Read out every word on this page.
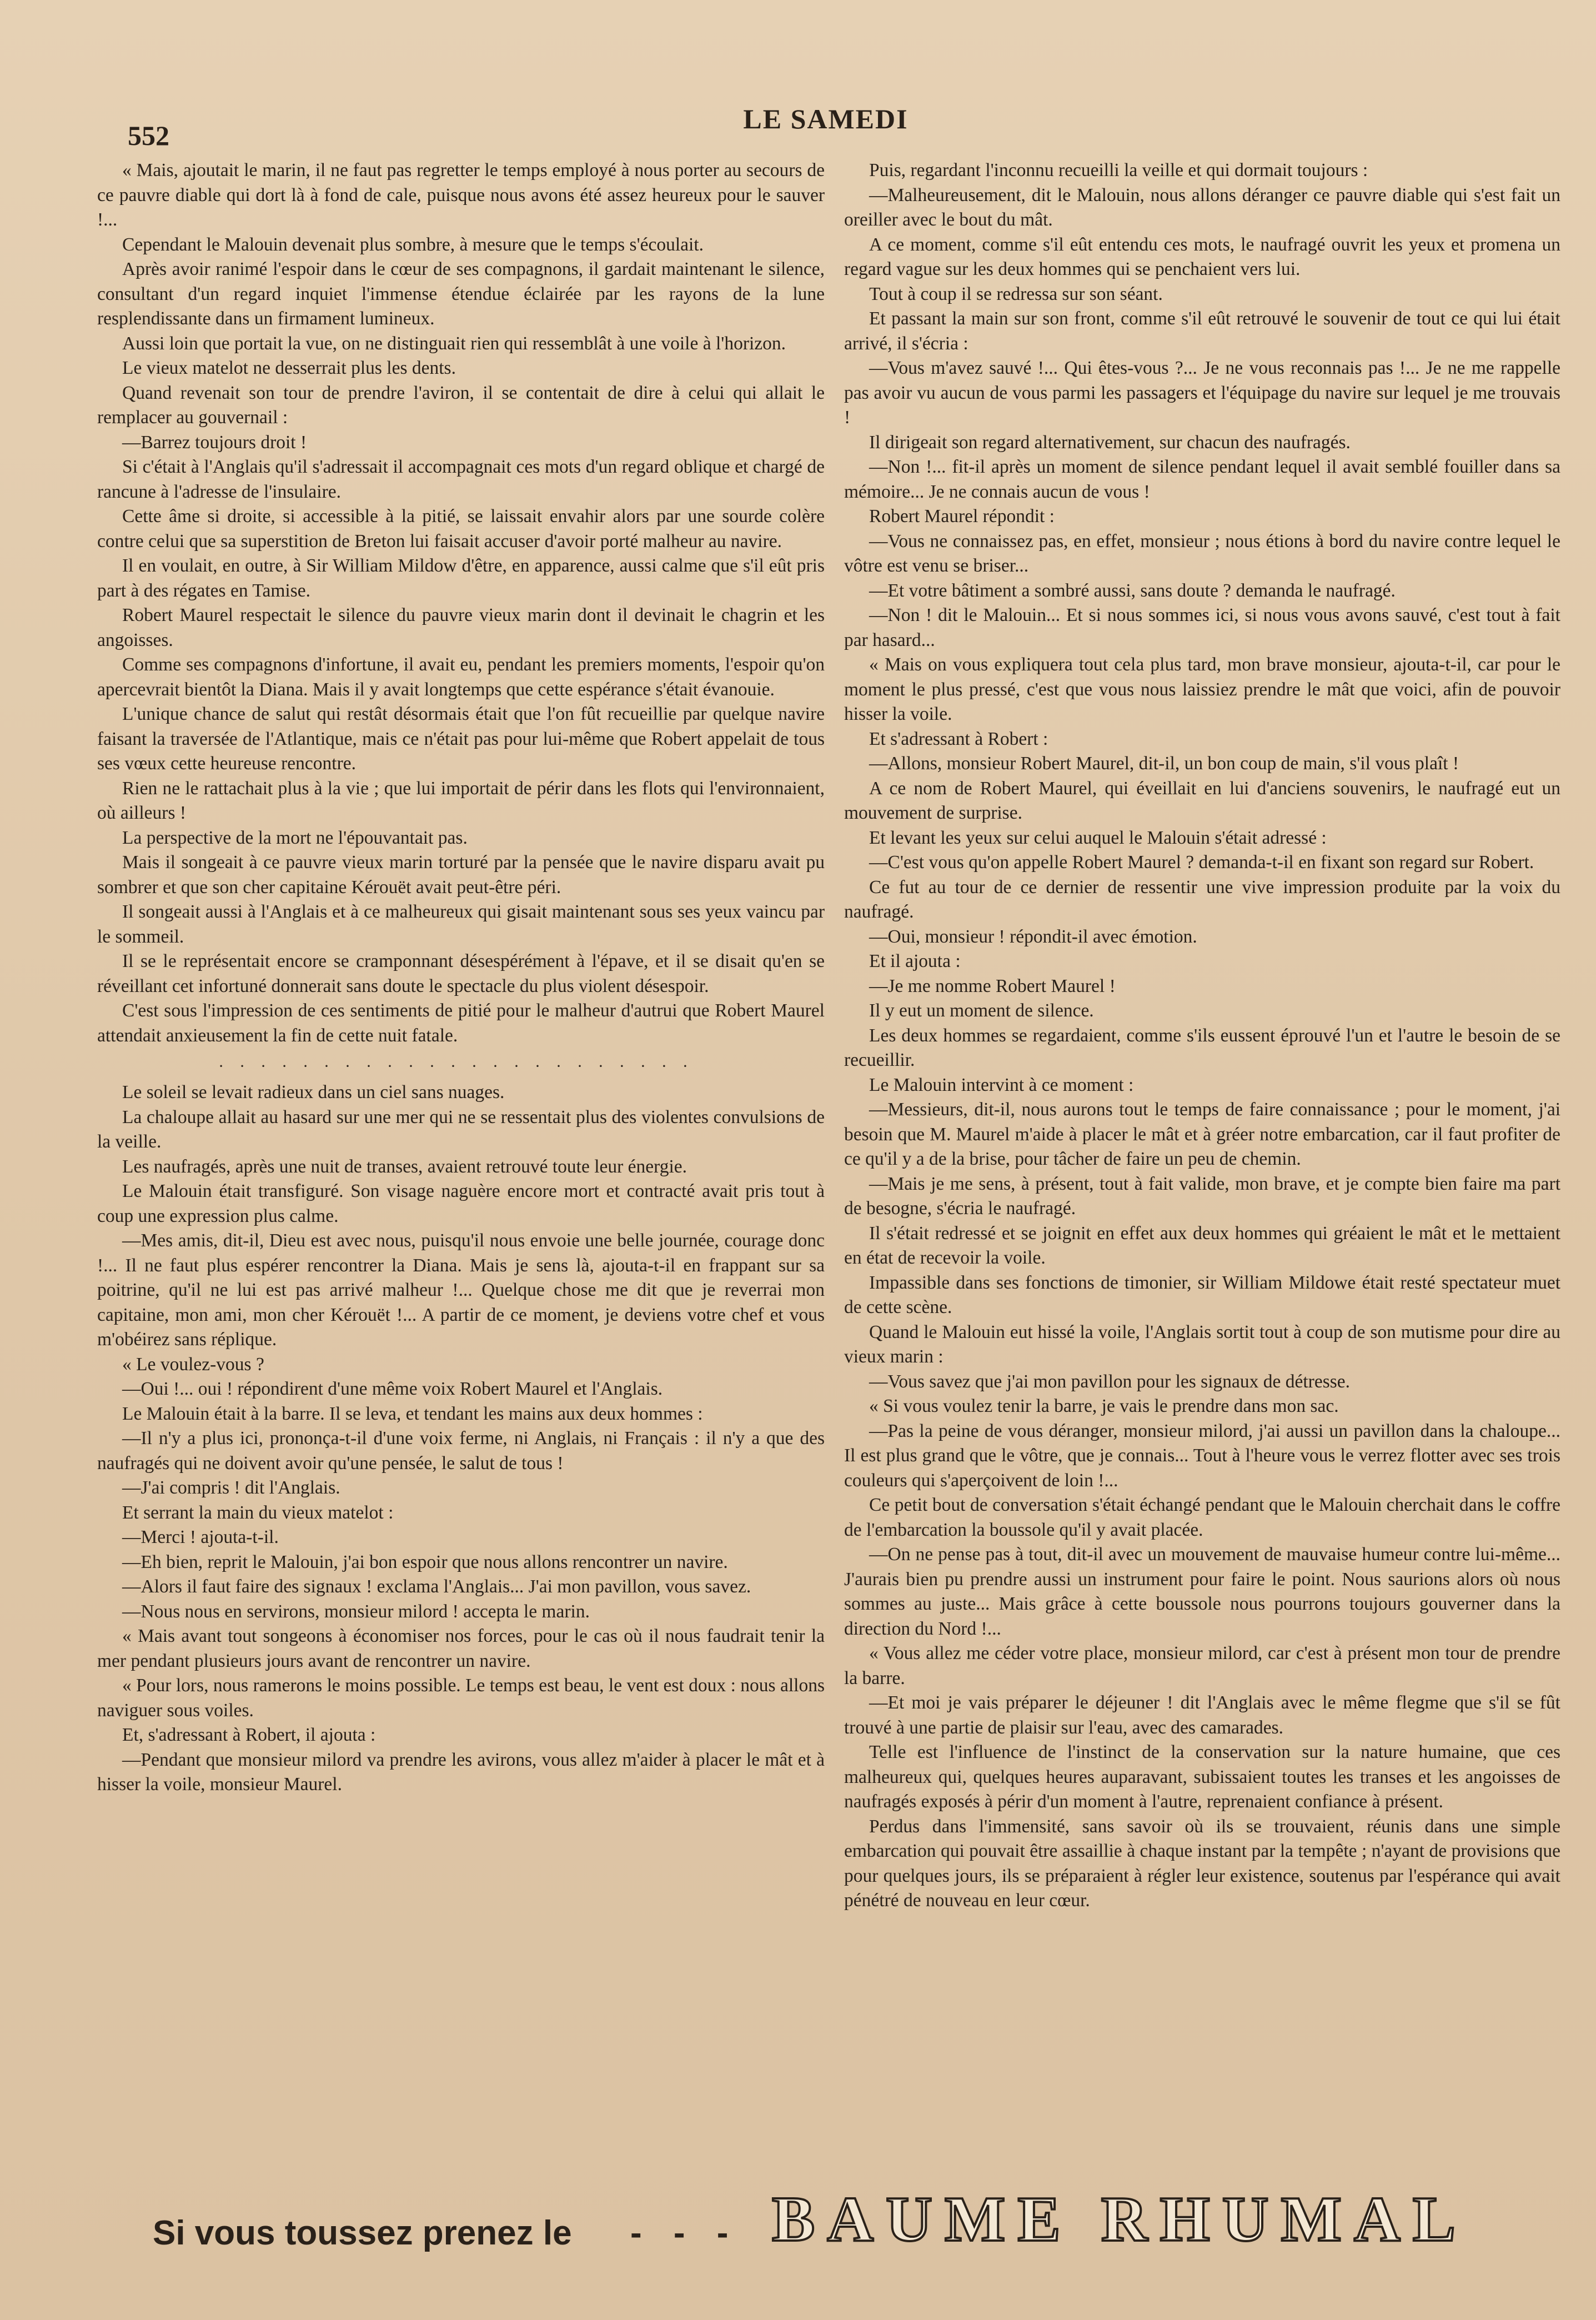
552
LE SAMEDI

« Mais, ajoutait le marin, il ne faut pas regretter le temps employé à nous porter au secours de ce pauvre diable qui dort là à fond de cale, puisque nous avons été assez heureux pour le sauver !...

Cependant le Malouin devenait plus sombre, à mesure que le temps s'écoulait.

Après avoir ranimé l'espoir dans le cœur de ses compagnons, il gardait maintenant le silence, consultant d'un regard inquiet l'immense étendue éclairée par les rayons de la lune resplendissante dans un firmament lumineux.

Aussi loin que portait la vue, on ne distinguait rien qui ressemblât à une voile à l'horizon.

Le vieux matelot ne desserrait plus les dents.

Quand revenait son tour de prendre l'aviron, il se contentait de dire à celui qui allait le remplacer au gouvernail :

—Barrez toujours droit !

Si c'était à l'Anglais qu'il s'adressait il accompagnait ces mots d'un regard oblique et chargé de rancune à l'adresse de l'insulaire.

Cette âme si droite, si accessible à la pitié, se laissait envahir alors par une sourde colère contre celui que sa superstition de Breton lui faisait accuser d'avoir porté malheur au navire.

Il en voulait, en outre, à Sir William Mildow d'être, en apparence, aussi calme que s'il eût pris part à des régates en Tamise.

Robert Maurel respectait le silence du pauvre vieux marin dont il devinait le chagrin et les angoisses.

Comme ses compagnons d'infortune, il avait eu, pendant les premiers moments, l'espoir qu'on apercevrait bientôt la Diana. Mais il y avait longtemps que cette espérance s'était évanouie.

L'unique chance de salut qui restât désormais était que l'on fût recueillie par quelque navire faisant la traversée de l'Atlantique, mais ce n'était pas pour lui-même que Robert appelait de tous ses vœux cette heureuse rencontre.

Rien ne le rattachait plus à la vie ; que lui importait de périr dans les flots qui l'environnaient, où ailleurs !

La perspective de la mort ne l'épouvantait pas.

Mais il songeait à ce pauvre vieux marin torturé par la pensée que le navire disparu avait pu sombrer et que son cher capitaine Kérouët avait peut-être péri.

Il songeait aussi à l'Anglais et à ce malheureux qui gisait maintenant sous ses yeux vaincu par le sommeil.

Il se le représentait encore se cramponnant désespérément à l'épave, et il se disait qu'en se réveillant cet infortuné donnerait sans doute le spectacle du plus violent désespoir.

C'est sous l'impression de ces sentiments de pitié pour le malheur d'autrui que Robert Maurel attendait anxieusement la fin de cette nuit fatale.

·······················

Le soleil se levait radieux dans un ciel sans nuages.

La chaloupe allait au hasard sur une mer qui ne se ressentait plus des violentes convulsions de la veille.

Les naufragés, après une nuit de transes, avaient retrouvé toute leur énergie.

Le Malouin était transfiguré. Son visage naguère encore mort et contracté avait pris tout à coup une expression plus calme.

—Mes amis, dit-il, Dieu est avec nous, puisqu'il nous envoie une belle journée, courage donc !... Il ne faut plus espérer rencontrer la Diana. Mais je sens là, ajouta-t-il en frappant sur sa poitrine, qu'il ne lui est pas arrivé malheur !... Quelque chose me dit que je reverrai mon capitaine, mon ami, mon cher Kérouët !... A partir de ce moment, je deviens votre chef et vous m'obéirez sans réplique.

« Le voulez-vous ?

—Oui !... oui ! répondirent d'une même voix Robert Maurel et l'Anglais.

Le Malouin était à la barre. Il se leva, et tendant les mains aux deux hommes :

—Il n'y a plus ici, prononça-t-il d'une voix ferme, ni Anglais, ni Français : il n'y a que des naufragés qui ne doivent avoir qu'une pensée, le salut de tous !

—J'ai compris ! dit l'Anglais.

Et serrant la main du vieux matelot :

—Merci ! ajouta-t-il.

—Eh bien, reprit le Malouin, j'ai bon espoir que nous allons rencontrer un navire.

—Alors il faut faire des signaux ! exclama l'Anglais... J'ai mon pavillon, vous savez.

—Nous nous en servirons, monsieur milord ! accepta le marin.

« Mais avant tout songeons à économiser nos forces, pour le cas où il nous faudrait tenir la mer pendant plusieurs jours avant de rencontrer un navire.

« Pour lors, nous ramerons le moins possible. Le temps est beau, le vent est doux : nous allons naviguer sous voiles.

Et, s'adressant à Robert, il ajouta :

—Pendant que monsieur milord va prendre les avirons, vous allez m'aider à placer le mât et à hisser la voile, monsieur Maurel.

Puis, regardant l'inconnu recueilli la veille et qui dormait toujours :

—Malheureusement, dit le Malouin, nous allons déranger ce pauvre diable qui s'est fait un oreiller avec le bout du mât.

A ce moment, comme s'il eût entendu ces mots, le naufragé ouvrit les yeux et promena un regard vague sur les deux hommes qui se penchaient vers lui.

Tout à coup il se redressa sur son séant.

Et passant la main sur son front, comme s'il eût retrouvé le souvenir de tout ce qui lui était arrivé, il s'écria :

—Vous m'avez sauvé !... Qui êtes-vous ?... Je ne vous reconnais pas !... Je ne me rappelle pas avoir vu aucun de vous parmi les passagers et l'équipage du navire sur lequel je me trouvais !

Il dirigeait son regard alternativement, sur chacun des naufragés.

—Non !... fit-il après un moment de silence pendant lequel il avait semblé fouiller dans sa mémoire... Je ne connais aucun de vous !

Robert Maurel répondit :

—Vous ne connaissez pas, en effet, monsieur ; nous étions à bord du navire contre lequel le vôtre est venu se briser...

—Et votre bâtiment a sombré aussi, sans doute ? demanda le naufragé.

—Non ! dit le Malouin... Et si nous sommes ici, si nous vous avons sauvé, c'est tout à fait par hasard...

« Mais on vous expliquera tout cela plus tard, mon brave monsieur, ajouta-t-il, car pour le moment le plus pressé, c'est que vous nous laissiez prendre le mât que voici, afin de pouvoir hisser la voile.

Et s'adressant à Robert :

—Allons, monsieur Robert Maurel, dit-il, un bon coup de main, s'il vous plaît !

A ce nom de Robert Maurel, qui éveillait en lui d'anciens souvenirs, le naufragé eut un mouvement de surprise.

Et levant les yeux sur celui auquel le Malouin s'était adressé :

—C'est vous qu'on appelle Robert Maurel ? demanda-t-il en fixant son regard sur Robert.

Ce fut au tour de ce dernier de ressentir une vive impression produite par la voix du naufragé.

—Oui, monsieur ! répondit-il avec émotion.

Et il ajouta :

—Je me nomme Robert Maurel !

Il y eut un moment de silence.

Les deux hommes se regardaient, comme s'ils eussent éprouvé l'un et l'autre le besoin de se recueillir.

Le Malouin intervint à ce moment :

—Messieurs, dit-il, nous aurons tout le temps de faire connaissance ; pour le moment, j'ai besoin que M. Maurel m'aide à placer le mât et à gréer notre embarcation, car il faut profiter de ce qu'il y a de la brise, pour tâcher de faire un peu de chemin.

—Mais je me sens, à présent, tout à fait valide, mon brave, et je compte bien faire ma part de besogne, s'écria le naufragé.

Il s'était redressé et se joignit en effet aux deux hommes qui gréaient le mât et le mettaient en état de recevoir la voile.

Impassible dans ses fonctions de timonier, sir William Mildowe était resté spectateur muet de cette scène.

Quand le Malouin eut hissé la voile, l'Anglais sortit tout à coup de son mutisme pour dire au vieux marin :

—Vous savez que j'ai mon pavillon pour les signaux de détresse.

« Si vous voulez tenir la barre, je vais le prendre dans mon sac.

—Pas la peine de vous déranger, monsieur milord, j'ai aussi un pavillon dans la chaloupe... Il est plus grand que le vôtre, que je connais... Tout à l'heure vous le verrez flotter avec ses trois couleurs qui s'aperçoivent de loin !...

Ce petit bout de conversation s'était échangé pendant que le Malouin cherchait dans le coffre de l'embarcation la boussole qu'il y avait placée.

—On ne pense pas à tout, dit-il avec un mouvement de mauvaise humeur contre lui-même... J'aurais bien pu prendre aussi un instrument pour faire le point. Nous saurions alors où nous sommes au juste... Mais grâce à cette boussole nous pourrons toujours gouverner dans la direction du Nord !...

« Vous allez me céder votre place, monsieur milord, car c'est à présent mon tour de prendre la barre.

—Et moi je vais préparer le déjeuner ! dit l'Anglais avec le même flegme que s'il se fût trouvé à une partie de plaisir sur l'eau, avec des camarades.

Telle est l'influence de l'instinct de la conservation sur la nature humaine, que ces malheureux qui, quelques heures auparavant, subissaient toutes les transes et les angoisses de naufragés exposés à périr d'un moment à l'autre, reprenaient confiance à présent.

Perdus dans l'immensité, sans savoir où ils se trouvaient, réunis dans une simple embarcation qui pouvait être assaillie à chaque instant par la tempête ; n'ayant de provisions que pour quelques jours, ils se préparaient à régler leur existence, soutenus par l'espérance qui avait pénétré de nouveau en leur cœur.

Si vous toussez prenez le - - - BAUME RHUMAL
